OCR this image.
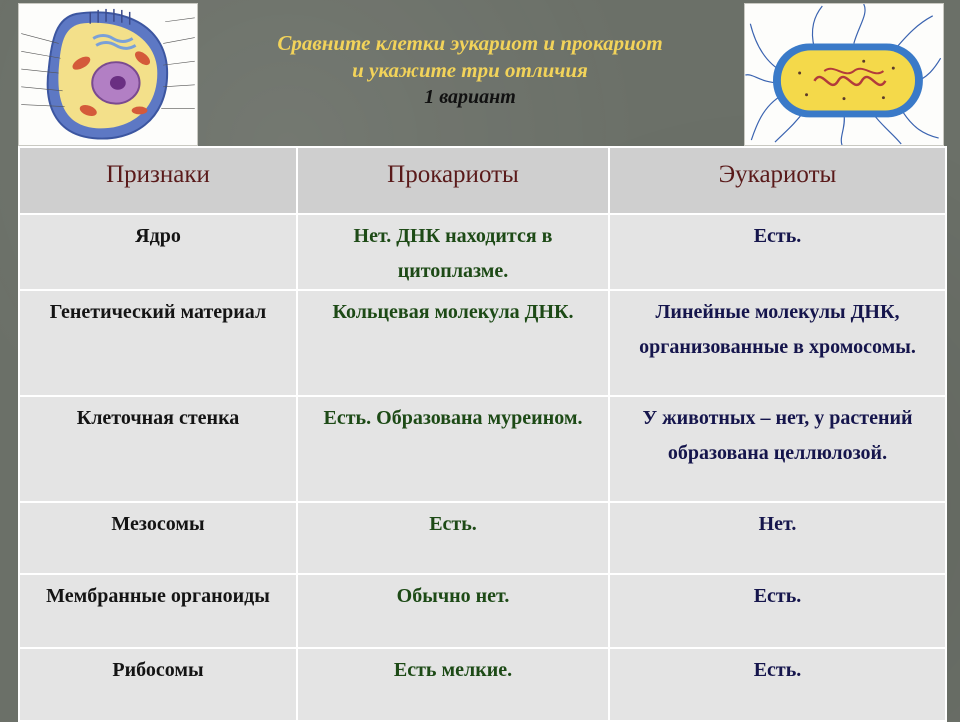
Сравните клетки эукариот и прокариот
и укажите три отличия
1 вариант
Признаки	Прокариоты	Эукариоты
Ядро	Нет. ДНК находится в цитоплазме.	Есть.
Генетический материал	Кольцевая молекула ДНК.	Линейные молекулы ДНК, организованные в хромосомы.
Клеточная стенка	Есть. Образована муреином.	У животных – нет, у растений образована целлюлозой.
Мезосомы	Есть.	Нет.
Мембранные органоиды	Обычно нет.	Есть.
Рибосомы	Есть мелкие.	Есть.
